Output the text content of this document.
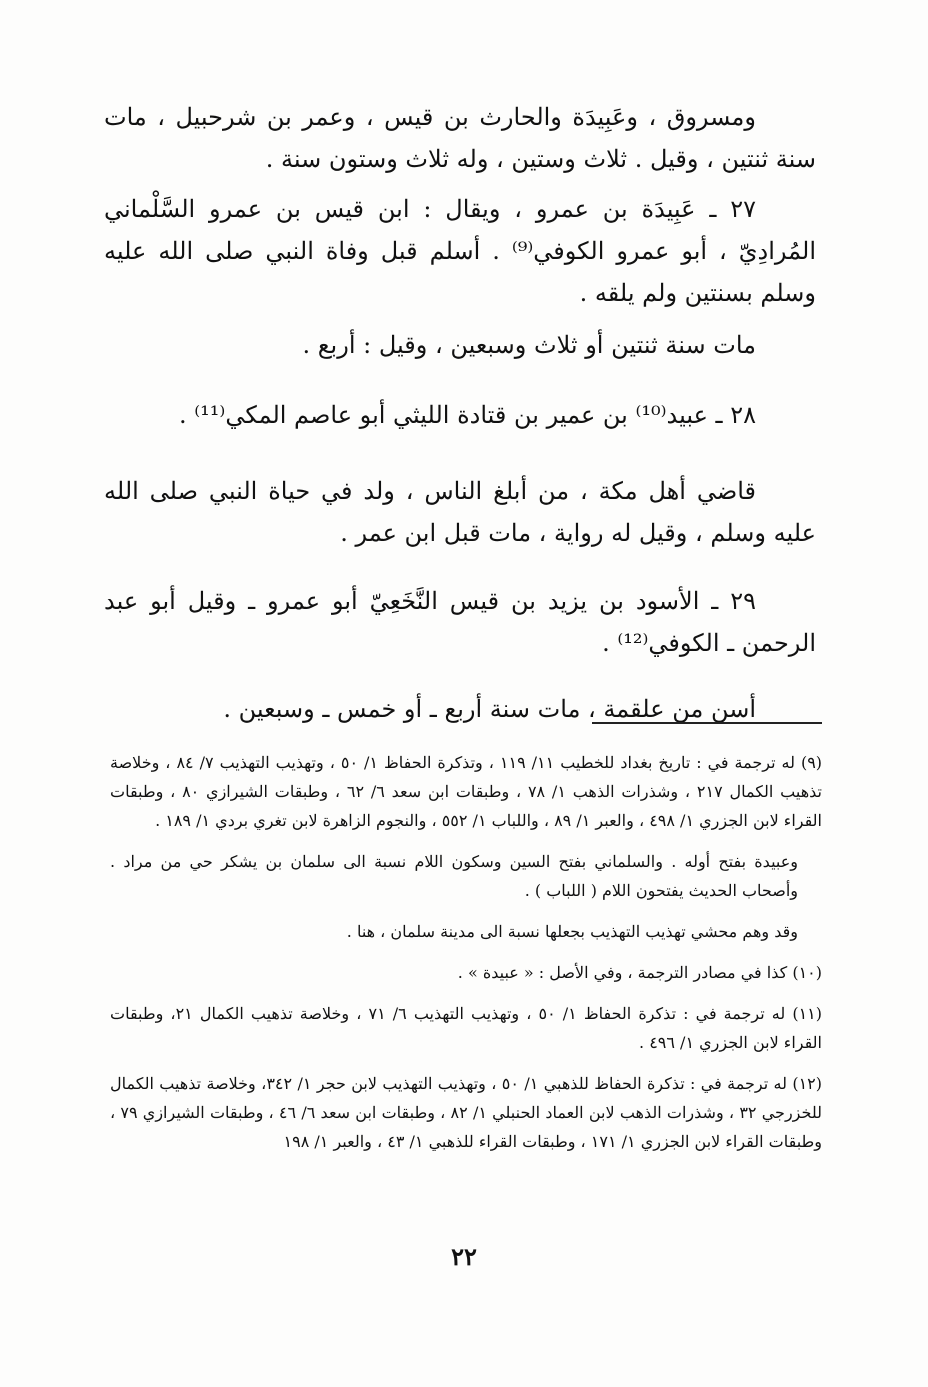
ومسروق ، وعَبِيدَة والحارث بن قيس ، وعمر بن شرحبيل ، مات سنة ثنتين ، وقيل . ثلاث وستين ، وله ثلاث وستون سنة .

٢٧ ـ عَبِيدَة بن عمرو ، ويقال : ابن قيس بن عمرو السَّلْماني المُرادِيّ ، أبو عمرو الكوفي⁽⁹⁾ . أسلم قبل وفاة النبي صلى الله عليه وسلم بسنتين ولم يلقه .

مات سنة ثنتين أو ثلاث وسبعين ، وقيل : أربع .

٢٨ ـ عبيد⁽¹⁰⁾ بن عمير بن قتادة الليثي أبو عاصم المكي⁽¹¹⁾ .

قاضي أهل مكة ، من أبلغ الناس ، ولد في حياة النبي صلى الله عليه وسلم ، وقيل له رواية ، مات قبل ابن عمر .

٢٩ ـ الأسود بن يزيد بن قيس النَّخَعِيّ أبو عمرو ـ وقيل أبو عبد الرحمن ـ الكوفي⁽¹²⁾ .

أسن من علقمة ، مات سنة أربع ـ أو خمس ـ وسبعين .

(٩) له ترجمة في : تاريخ بغداد للخطيب ١١/ ١١٩ ، وتذكرة الحفاظ ١/ ٥٠ ، وتهذيب التهذيب ٧/ ٨٤ ، وخلاصة تذهيب الكمال ٢١٧ ، وشذرات الذهب ١/ ٧٨ ، وطبقات ابن سعد ٦/ ٦٢ ، وطبقات الشيرازي ٨٠ ، وطبقات القراء لابن الجزري ١/ ٤٩٨ ، والعبر ١/ ٨٩ ، واللباب ١/ ٥٥٢ ، والنجوم الزاهرة لابن تغري بردي ١/ ١٨٩ .

وعبيدة بفتح أوله . والسلماني بفتح السين وسكون اللام نسبة الى سلمان بن يشكر حي من مراد . وأصحاب الحديث يفتحون اللام ( اللباب ) .

وقد وهم محشي تهذيب التهذيب بجعلها نسبة الى مدينة سلمان ، هنا .

(١٠) كذا في مصادر الترجمة ، وفي الأصل : « عبيدة » .

(١١) له ترجمة في : تذكرة الحفاظ ١/ ٥٠ ، وتهذيب التهذيب ٦/ ٧١ ، وخلاصة تذهيب الكمال ٢١، وطبقات القراء لابن الجزري ١/ ٤٩٦ .

(١٢) له ترجمة في : تذكرة الحفاظ للذهبي ١/ ٥٠ ، وتهذيب التهذيب لابن حجر ١/ ٣٤٢، وخلاصة تذهيب الكمال للخزرجي ٣٢ ، وشذرات الذهب لابن العماد الحنبلي ١/ ٨٢ ، وطبقات ابن سعد ٦/ ٤٦ ، وطبقات الشيرازي ٧٩ ، وطبقات القراء لابن الجزري ١/ ١٧١ ، وطبقات القراء للذهبي ١/ ٤٣ ، والعبر ١/ ١٩٨

٢٢
